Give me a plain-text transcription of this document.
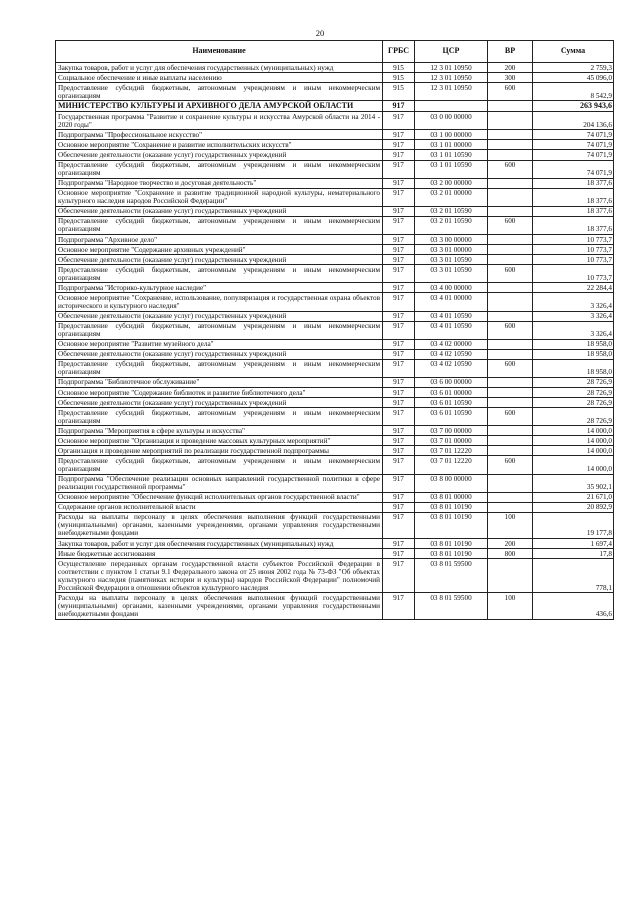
20
Наименование	ГРБС	ЦСР	ВР	Сумма
Закупка товаров, работ и услуг для обеспечения государственных (муниципальных) нужд	915	12 3 01 10950	200	2 759,3
Социальное обеспечение и иные выплаты населению	915	12 3 01 10950	300	45 096,0
Предоставление субсидий бюджетным, автономным учреждениям и иным некоммерческим организациям	915	12 3 01 10950	600	8 542,9
МИНИСТЕРСТВО КУЛЬТУРЫ И АРХИВНОГО ДЕЛА АМУРСКОЙ ОБЛАСТИ	917			263 943,6
Государственная программа "Развитие и сохранение культуры и искусства Амурской области на 2014 - 2020 годы"	917	03 0 00 00000		204 136,6
Подпрограмма "Профессиональное искусство"	917	03 1 00 00000		74 071,9
Основное мероприятие "Сохранение и развитие исполнительских искусств"	917	03 1 01 00000		74 071,9
Обеспечение деятельности (оказание услуг) государственных учреждений	917	03 1 01 10590		74 071,9
Предоставление субсидий бюджетным, автономным учреждениям и иным некоммерческим организациям	917	03 1 01 10590	600	74 071,9
Подпрограмма "Народное творчество и досуговая деятельность"	917	03 2 00 00000		18 377,6
Основное мероприятие "Сохранение и развитие традиционной народной культуры, нематериального культурного наследия народов Российской Федерации"	917	03 2 01 00000		18 377,6
Обеспечение деятельности (оказание услуг) государственных учреждений	917	03 2 01 10590		18 377,6
Предоставление субсидий бюджетным, автономным учреждениям и иным некоммерческим организациям	917	03 2 01 10590	600	18 377,6
Подпрограмма "Архивное дело"	917	03 3 00 00000		10 773,7
Основное мероприятие "Содержание архивных учреждений"	917	03 3 01 00000		10 773,7
Обеспечение деятельности (оказание услуг) государственных учреждений	917	03 3 01 10590		10 773,7
Предоставление субсидий бюджетным, автономным учреждениям и иным некоммерческим организациям	917	03 3 01 10590	600	10 773,7
Подпрограмма "Историко-культурное наследие"	917	03 4 00 00000		22 284,4
Основное мероприятие "Сохранение, использование, популяризация и государственная охрана объектов исторического и культурного наследия"	917	03 4 01 00000		3 326,4
Обеспечение деятельности (оказание услуг) государственных учреждений	917	03 4 01 10590		3 326,4
Предоставление субсидий бюджетным, автономным учреждениям и иным некоммерческим организациям	917	03 4 01 10590	600	3 326,4
Основное мероприятие "Развитие музейного дела"	917	03 4 02 00000		18 958,0
Обеспечение деятельности (оказание услуг) государственных учреждений	917	03 4 02 10590		18 958,0
Предоставление субсидий бюджетным, автономным учреждениям и иным некоммерческим организациям	917	03 4 02 10590	600	18 958,0
Подпрограмма "Библиотечное обслуживание"	917	03 6 00 00000		28 726,9
Основное мероприятие "Содержание библиотек и развитие библиотечного дела"	917	03 6 01 00000		28 726,9
Обеспечение деятельности (оказание услуг) государственных учреждений	917	03 6 01 10590		28 726,9
Предоставление субсидий бюджетным, автономным учреждениям и иным некоммерческим организациям	917	03 6 01 10590	600	28 726,9
Подпрограмма "Мероприятия в сфере культуры и искусства"	917	03 7 00 00000		14 000,0
Основное мероприятие "Организация и проведение массовых культурных мероприятий"	917	03 7 01 00000		14 000,0
Организация и проведение мероприятий по реализации государственной подпрограммы	917	03 7 01 12220		14 000,0
Предоставление субсидий бюджетным, автономным учреждениям и иным некоммерческим организациям	917	03 7 01 12220	600	14 000,0
Подпрограмма "Обеспечение реализации основных направлений государственной политики в сфере реализации государственной программы"	917	03 8 00 00000		35 902,1
Основное мероприятие "Обеспечение функций исполнительных органов государственной власти"	917	03 8 01 00000		21 671,0
Содержание органов исполнительной власти	917	03 8 01 10190		20 892,9
Расходы на выплаты персоналу в целях обеспечения выполнения функций государственными (муниципальными) органами, казенными учреждениями, органами управления государственными внебюджетными фондами	917	03 8 01 10190	100	19 177,8
Закупка товаров, работ и услуг для обеспечения государственных (муниципальных) нужд	917	03 8 01 10190	200	1 697,4
Иные бюджетные ассигнования	917	03 8 01 10190	800	17,8
Осуществление переданных органам государственной власти субъектов Российской Федерации в соответствии с пунктом 1 статьи 9.1 Федерального закона от 25 июня 2002 года № 73-ФЗ "Об объектах культурного наследия (памятниках истории и культуры) народов Российской Федерации" полномочий Российской Федерации в отношении объектов культурного наследия	917	03 8 01 59500		778,1
Расходы на выплаты персоналу в целях обеспечения выполнения функций государственными (муниципальными) органами, казенными учреждениями, органами управления государственными внебюджетными фондами	917	03 8 01 59500	100	436,6
